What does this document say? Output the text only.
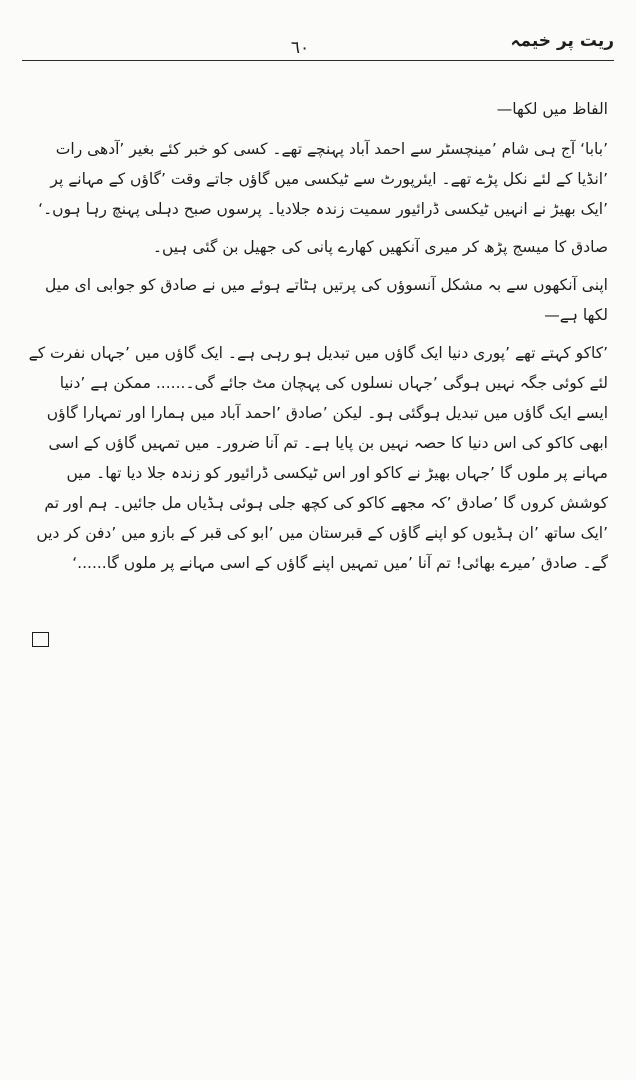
ریت پر خیمہ
٦٠

الفاظ میں لکھا—

’بابا‘ آج ہی شام ’مینچسٹر سے احمد آباد پہنچے تھے۔ کسی کو خبر کئے بغیر ’آدھی رات ’انڈیا کے لئے نکل پڑے تھے۔ ایئرپورٹ سے ٹیکسی میں گاؤں جاتے وقت ’گاؤں کے مہانے پر ’ایک بھیڑ نے انہیں ٹیکسی ڈرائیور سمیت زندہ جلادیا۔ پرسوں صبح دہلی پہنچ رہا ہوں۔‘

صادق کا میسج پڑھ کر میری آنکھیں کھارے پانی کی جھیل بن گئی ہیں۔

اپنی آنکھوں سے بہ مشکل آنسوؤں کی پرتیں ہٹاتے ہوئے میں نے صادق کو جوابی ای میل لکھا ہے—

’کاکو کہتے تھے ’پوری دنیا ایک گاؤں میں تبدیل ہو رہی ہے۔ ایک گاؤں میں ’جہاں نفرت کے لئے کوئی جگہ نہیں ہوگی ’جہاں نسلوں کی پہچان مٹ جائے گی۔...... ممکن ہے ’دنیا ایسے ایک گاؤں میں تبدیل ہوگئی ہو۔ لیکن ’صادق ’احمد آباد میں ہمارا اور تمہارا گاؤں ابھی کاکو کی اس دنیا کا حصہ نہیں بن پایا ہے۔ تم آنا ضرور۔ میں تمہیں گاؤں کے اسی مہانے پر ملوں گا ’جہاں بھیڑ نے کاکو اور اس ٹیکسی ڈرائیور کو زندہ جلا دیا تھا۔ میں کوشش کروں گا ’صادق ’کہ مجھے کاکو کی کچھ جلی ہوئی ہڈیاں مل جائیں۔ ہم اور تم ’ایک ساتھ ’ان ہڈیوں کو اپنے گاؤں کے قبرستان میں ’ابو کی قبر کے بازو میں ’دفن کر دیں گے۔ صادق ’میرے بھائی! تم آنا ’میں تمہیں اپنے گاؤں کے اسی مہانے پر ملوں گا......‘
